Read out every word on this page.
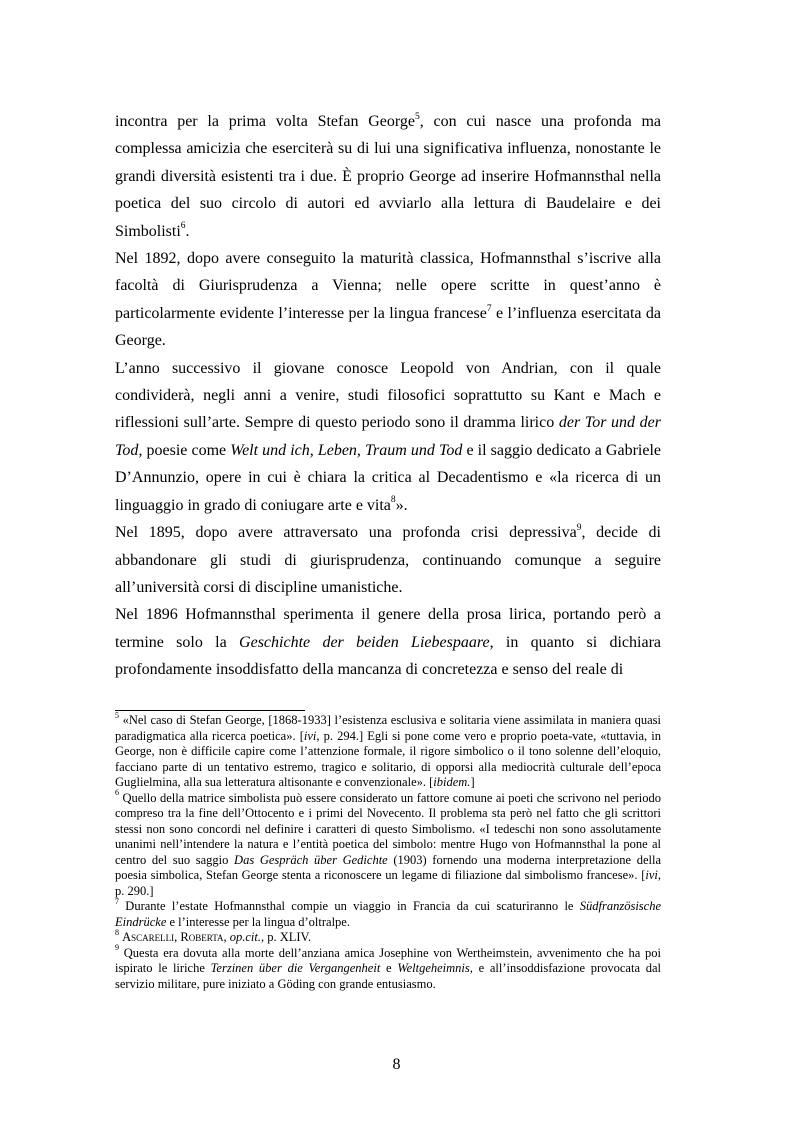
incontra per la prima volta Stefan George$^5$, con cui nasce una profonda ma complessa amicizia che eserciterà su di lui una significativa influenza, nonostante le grandi diversità esistenti tra i due. È proprio George ad inserire Hofmannsthal nella poetica del suo circolo di autori ed avviarlo alla lettura di Baudelaire e dei Simbolisti$^6$.

Nel 1892, dopo avere conseguito la maturità classica, Hofmannsthal s’iscrive alla facoltà di Giurisprudenza a Vienna; nelle opere scritte in quest’anno è particolarmente evidente l’interesse per la lingua francese$^7$ e l’influenza esercitata da George.

L’anno successivo il giovane conosce Leopold von Andrian, con il quale condividerà, negli anni a venire, studi filosofici soprattutto su Kant e Mach e riflessioni sull’arte. Sempre di questo periodo sono il dramma lirico der Tor und der Tod, poesie come Welt und ich, Leben, Traum und Tod e il saggio dedicato a Gabriele D’Annunzio, opere in cui è chiara la critica al Decadentismo e «la ricerca di un linguaggio in grado di coniugare arte e vita$^8$».

Nel 1895, dopo avere attraversato una profonda crisi depressiva$^9$, decide di abbandonare gli studi di giurisprudenza, continuando comunque a seguire all’università corsi di discipline umanistiche.

Nel 1896 Hofmannsthal sperimenta il genere della prosa lirica, portando però a termine solo la Geschichte der beiden Liebespaare, in quanto si dichiara profondamente insoddisfatto della mancanza di concretezza e senso del reale di

$^5$ «Nel caso di Stefan George, [1868-1933] l’esistenza esclusiva e solitaria viene assimilata in maniera quasi paradigmatica alla ricerca poetica». [ivi, p. 294.] Egli si pone come vero e proprio poeta-vate, «tuttavia, in George, non è difficile capire come l’attenzione formale, il rigore simbolico o il tono solenne dell’eloquio, facciano parte di un tentativo estremo, tragico e solitario, di opporsi alla mediocrità culturale dell’epoca Guglielmina, alla sua letteratura altisonante e convenzionale». [ibidem.]

$^6$ Quello della matrice simbolista può essere considerato un fattore comune ai poeti che scrivono nel periodo compreso tra la fine dell’Ottocento e i primi del Novecento. Il problema sta però nel fatto che gli scrittori stessi non sono concordi nel definire i caratteri di questo Simbolismo. «I tedeschi non sono assolutamente unanimi nell’intendere la natura e l’entità poetica del simbolo: mentre Hugo von Hofmannsthal la pone al centro del suo saggio Das Gespräch über Gedichte (1903) fornendo una moderna interpretazione della poesia simbolica, Stefan George stenta a riconoscere un legame di filiazione dal simbolismo francese». [ivi, p. 290.]

$^7$ Durante l’estate Hofmannsthal compie un viaggio in Francia da cui scaturiranno le Südfranzösische Eindrücke e l’interesse per la lingua d’oltralpe.

$^8$ Ascarelli, Roberta, op.cit., p. XLIV.

$^9$ Questa era dovuta alla morte dell’anziana amica Josephine von Wertheimstein, avvenimento che ha poi ispirato le liriche Terzinen über die Vergangenheit e Weltgeheimnis, e all’insoddisfazione provocata dal servizio militare, pure iniziato a Göding con grande entusiasmo.

8
